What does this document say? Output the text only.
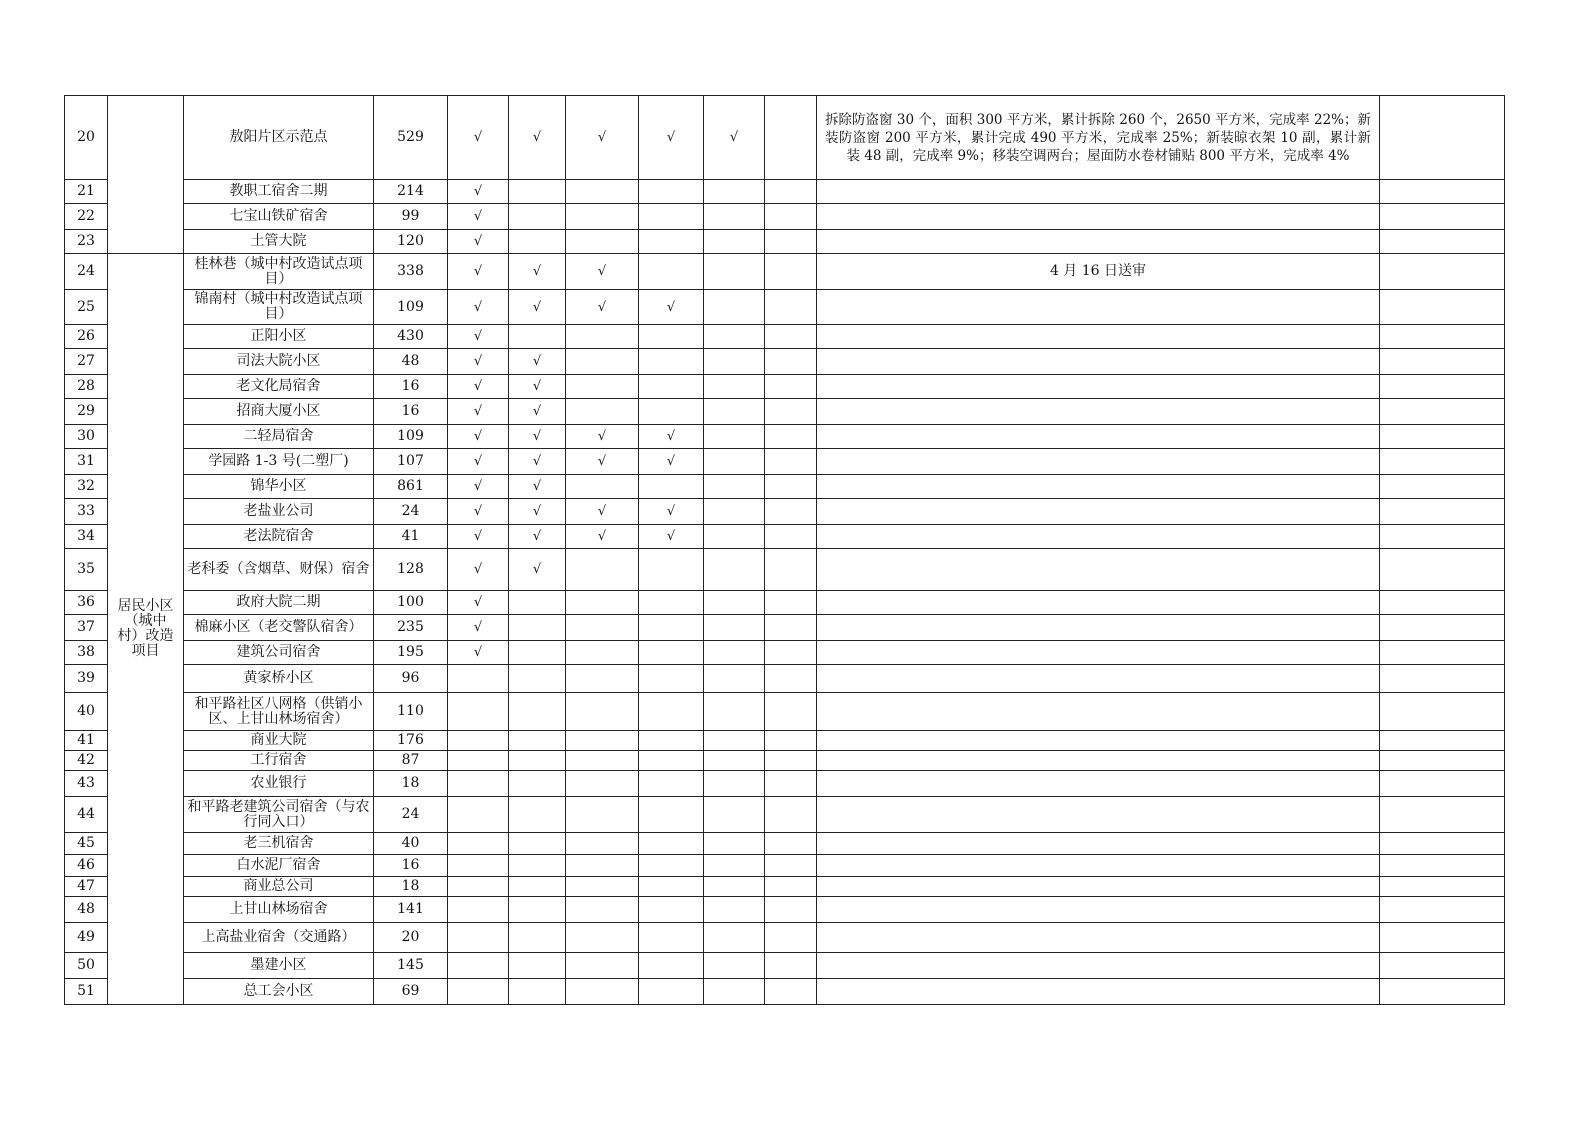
20		敖阳片区示范点	529	√	√	√	√	√		拆除防盗窗 30 个，面积 300 平方米，累计拆除 260 个，2650 平方米，完成率 22%；新装防盗窗 200 平方米，累计完成 490 平方米，完成率 25%；新装晾衣架 10 副，累计新装 48 副，完成率 9%；移装空调两台；屋面防水卷材铺贴 800 平方米，完成率 4%	
21		教职工宿舍二期	214	√							
22		七宝山铁矿宿舍	99	√							
23		土管大院	120	√							
24	居民小区（城中村）改造项目	桂林巷（城中村改造试点项目）	338	√	√	√				4 月 16 日送审	
25		锦南村（城中村改造试点项目）	109	√	√	√	√				
26		正阳小区	430	√							
27		司法大院小区	48	√	√						
28		老文化局宿舍	16	√	√						
29		招商大厦小区	16	√	√						
30		二轻局宿舍	109	√	√	√	√				
31		学园路 1-3 号(二塑厂)	107	√	√	√	√				
32		锦华小区	861	√	√						
33		老盐业公司	24	√	√	√	√				
34		老法院宿舍	41	√	√	√	√				
35		老科委（含烟草、财保）宿舍	128	√	√						
36		政府大院二期	100	√							
37		棉麻小区（老交警队宿舍）	235	√							
38		建筑公司宿舍	195	√							
39		黄家桥小区	96								
40		和平路社区八网格（供销小区、上甘山林场宿舍）	110								
41		商业大院	176								
42		工行宿舍	87								
43		农业银行	18								
44		和平路老建筑公司宿舍（与农行同入口）	24								
45		老三机宿舍	40								
46		白水泥厂宿舍	16								
47		商业总公司	18								
48		上甘山林场宿舍	141								
49		上高盐业宿舍（交通路）	20								
50		墨建小区	145								
51		总工会小区	69								
